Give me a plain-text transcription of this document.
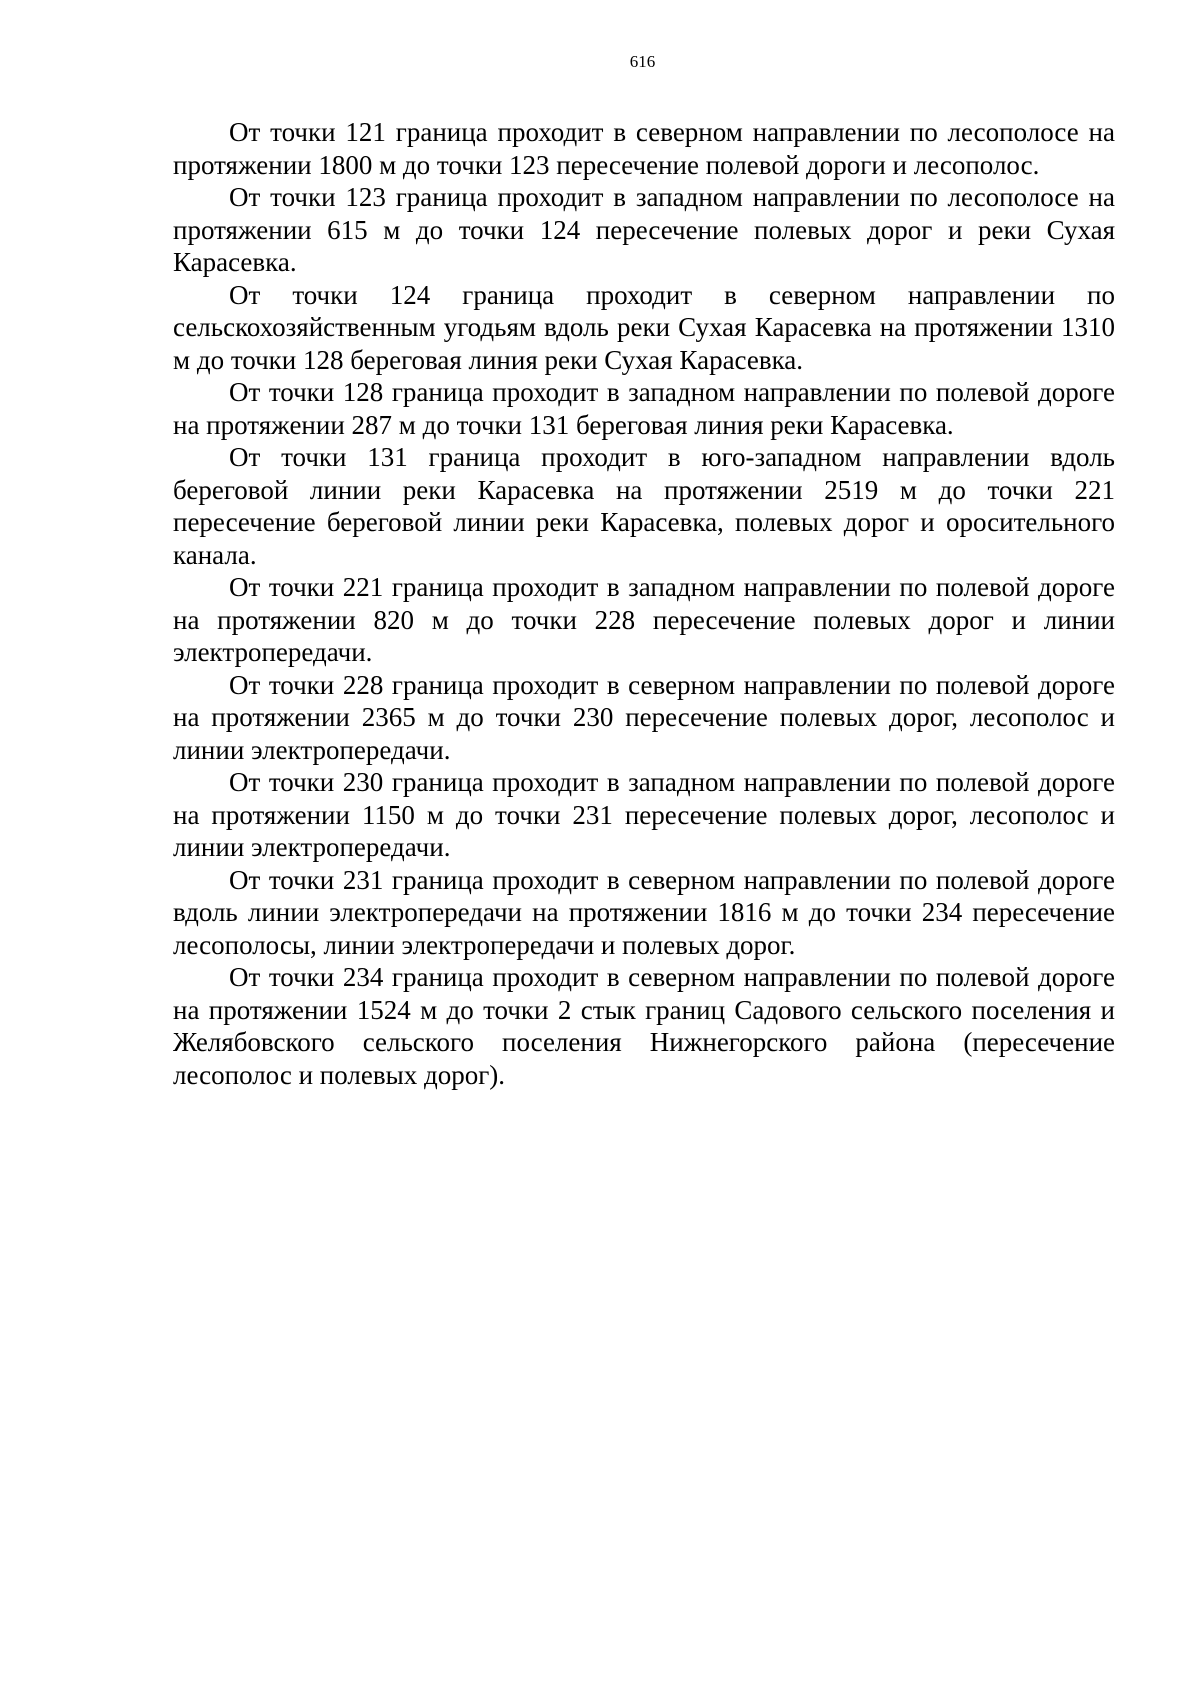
616

От точки 121 граница проходит в северном направлении по лесополосе на протяжении 1800 м до точки 123 пересечение полевой дороги и лесополос.

От точки 123 граница проходит в западном направлении по лесополосе на протяжении 615 м до точки 124 пересечение полевых дорог и реки Сухая Карасевка.

От точки 124 граница проходит в северном направлении по сельскохозяйственным угодьям вдоль реки Сухая Карасевка на протяжении 1310 м до точки 128 береговая линия реки Сухая Карасевка.

От точки 128 граница проходит в западном направлении по полевой дороге на протяжении 287 м до точки 131 береговая линия реки Карасевка.

От точки 131 граница проходит в юго-западном направлении вдоль береговой линии реки Карасевка на протяжении 2519 м до точки 221 пересечение береговой линии реки Карасевка, полевых дорог и оросительного канала.

От точки 221 граница проходит в западном направлении по полевой дороге на протяжении 820 м до точки 228 пересечение полевых дорог и линии электропередачи.

От точки 228 граница проходит в северном направлении по полевой дороге на протяжении 2365 м до точки 230 пересечение полевых дорог, лесополос и линии электропередачи.

От точки 230 граница проходит в западном направлении по полевой дороге на протяжении 1150 м до точки 231 пересечение полевых дорог, лесополос и линии электропередачи.

От точки 231 граница проходит в северном направлении по полевой дороге вдоль линии электропередачи на протяжении 1816 м до точки 234 пересечение лесополосы, линии электропередачи и полевых дорог.

От точки 234 граница проходит в северном направлении по полевой дороге на протяжении 1524 м до точки 2 стык границ Садового сельского поселения и Желябовского сельского поселения Нижнегорского района (пересечение лесополос и полевых дорог).
